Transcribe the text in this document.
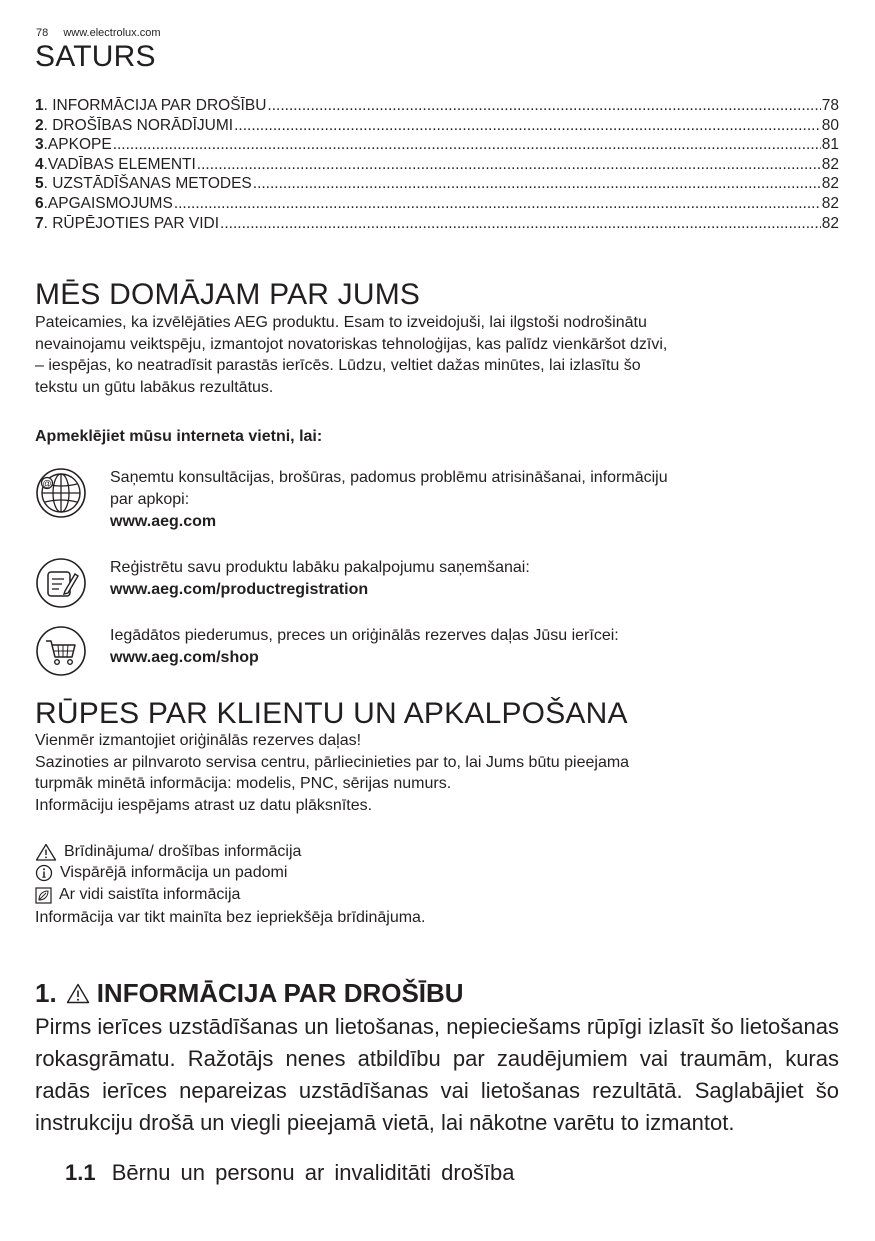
78 www.electrolux.com
SATURS
1 . INFORMĀCIJA PAR DROŠĪBU .....	78
2 . DROŠĪBAS NORĀDĪJUMI .....	80
3 .APKOPE .....	81
4 .VADĪBAS ELEMENTI .....	82
5 . UZSTĀDĪŠANAS METODES .....	82
6 .APGAISMOJUMS .....	82
7 . RŪPĒJOTIES PAR VIDI .....	82
MĒS DOMĀJAM PAR JUMS
Pateicamies, ka izvēlējāties AEG produktu. Esam to izveidojuši, lai ilgstoši nodrošinātu
nevainojamu veiktspēju, izmantojot novatoriskas tehnoloģijas, kas palīdz vienkāršot dzīvi,
– iespējas, ko neatradīsit parastās ierīcēs. Lūdzu, veltiet dažas minūtes, lai izlasītu šo
tekstu un gūtu labākus rezultātus.
Apmeklējiet mūsu interneta vietni, lai:
@	Saņemtu konsultācijas, brošūras, padomus problēmu atrisināšanai, informāciju
par apkopi:
www.aeg.com
Reģistrētu savu produktu labāku pakalpojumu saņemšanai:
www.aeg.com/productregistration
Iegādātos piederumus, preces un oriģinālās rezerves daļas Jūsu ierīcei:
www.aeg.com/shop
RŪPES PAR KLIENTU UN APKALPOŠANA
Vienmēr izmantojiet oriģinālās rezerves daļas!
Sazinoties ar pilnvaroto servisa centru, pārliecinieties par to, lai Jums būtu pieejama
turpmāk minētā informācija: modelis, PNC, sērijas numurs.
Informāciju iespējams atrast uz datu plāksnītes.
Brīdinājuma/ drošības informācija
Vispārējā informācija un padomi
Ar vidi saistīta informācija
Informācija var tikt mainīta bez iepriekšēja brīdinājuma.
1. INFORMĀCIJA PAR DROŠĪBU

Pirms ierīces uzstādīšanas un lietošanas, nepieciešams rūpīgi izlasīt šo lietošanas rokasgrāmatu. Ražotājs nenes atbildību par zaudējumiem vai traumām, kuras radās ierīces nepareizas uzstādīšanas vai lietošanas rezultātā. Saglabājiet šo instrukciju drošā un viegli pieejamā vietā, lai nākotne varētu to izmantot.

1.1 Bērnu un personu ar invaliditāti drošība
